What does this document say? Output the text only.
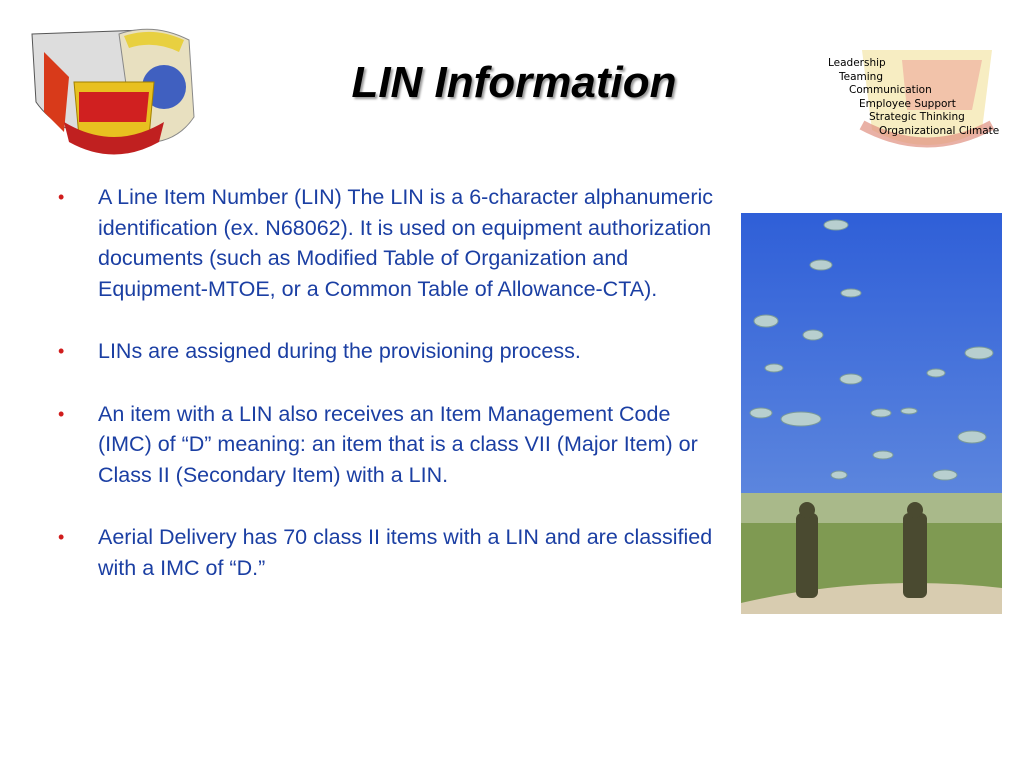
LIN Information	Leadership
Teaming
Communication
Employee Support
Strategic Thinking
Organizational Climate
• A Line Item Number (LIN) The LIN is a 6-character alphanumeric identification (ex. N68062). It is used on equipment authorization documents (such as Modified Table of Organization and Equipment-MTOE, or a Common Table of Allowance-CTA).
• LINs are assigned during the provisioning process.
• An item with a LIN also receives an Item Management Code (IMC) of “D” meaning: an item that is a class VII (Major Item) or Class II (Secondary Item) with a LIN.
• Aerial Delivery has 70 class II items with a LIN and are classified with a IMC of “D.”
